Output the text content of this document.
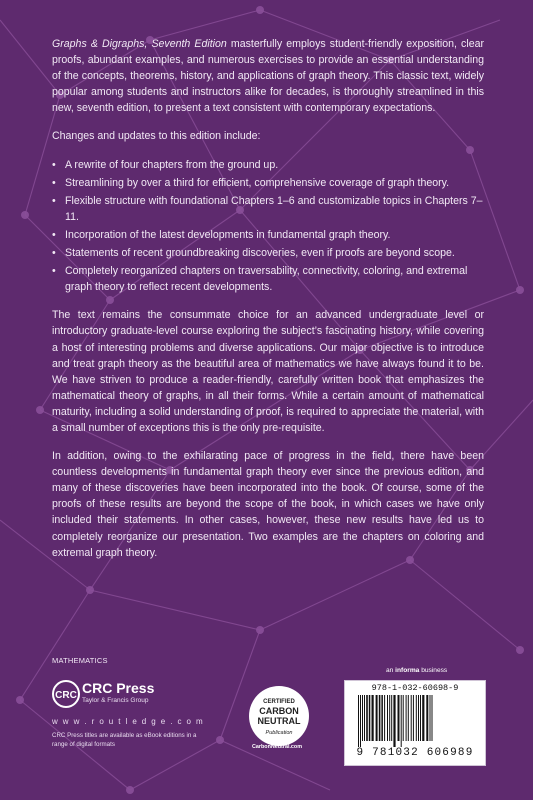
Graphs & Digraphs, Seventh Edition masterfully employs student-friendly exposition, clear proofs, abundant examples, and numerous exercises to provide an essential understanding of the concepts, theorems, history, and applications of graph theory. This classic text, widely popular among students and instructors alike for decades, is thoroughly streamlined in this new, seventh edition, to present a text consistent with contemporary expectations.

Changes and updates to this edition include:

• A rewrite of four chapters from the ground up.
• Streamlining by over a third for efficient, comprehensive coverage of graph theory.
• Flexible structure with foundational Chapters 1–6 and customizable topics in Chapters 7–11.
• Incorporation of the latest developments in fundamental graph theory.
• Statements of recent groundbreaking discoveries, even if proofs are beyond scope.
• Completely reorganized chapters on traversability, connectivity, coloring, and extremal graph theory to reflect recent developments.

The text remains the consummate choice for an advanced undergraduate level or introductory graduate-level course exploring the subject’s fascinating history, while covering a host of interesting problems and diverse applications. Our major objective is to introduce and treat graph theory as the beautiful area of mathematics we have always found it to be. We have striven to produce a reader-friendly, carefully written book that emphasizes the mathematical theory of graphs, in all their forms. While a certain amount of mathematical maturity, including a solid understanding of proof, is required to appreciate the material, with a small number of exceptions this is the only pre-requisite.

In addition, owing to the exhilarating pace of progress in the field, there have been countless developments in fundamental graph theory ever since the previous edition, and many of these discoveries have been incorporated into the book. Of course, some of the proofs of these results are beyond the scope of the book, in which cases we have only included their statements. In other cases, however, these new results have led us to completely reorganize our presentation. Two examples are the chapters on coloring and extremal graph theory.

MATHEMATICS
CRC CRC Press
Taylor & Francis Group
w w w . r o u t l e d g e . c o m
CRC Press titles are available as eBook editions in a range of digital formats
CERTIFIED
CARBON
NEUTRAL
Publication
CarbonNeutral.com
an informa business
978-1-032-60698-9
9 781032 606989
